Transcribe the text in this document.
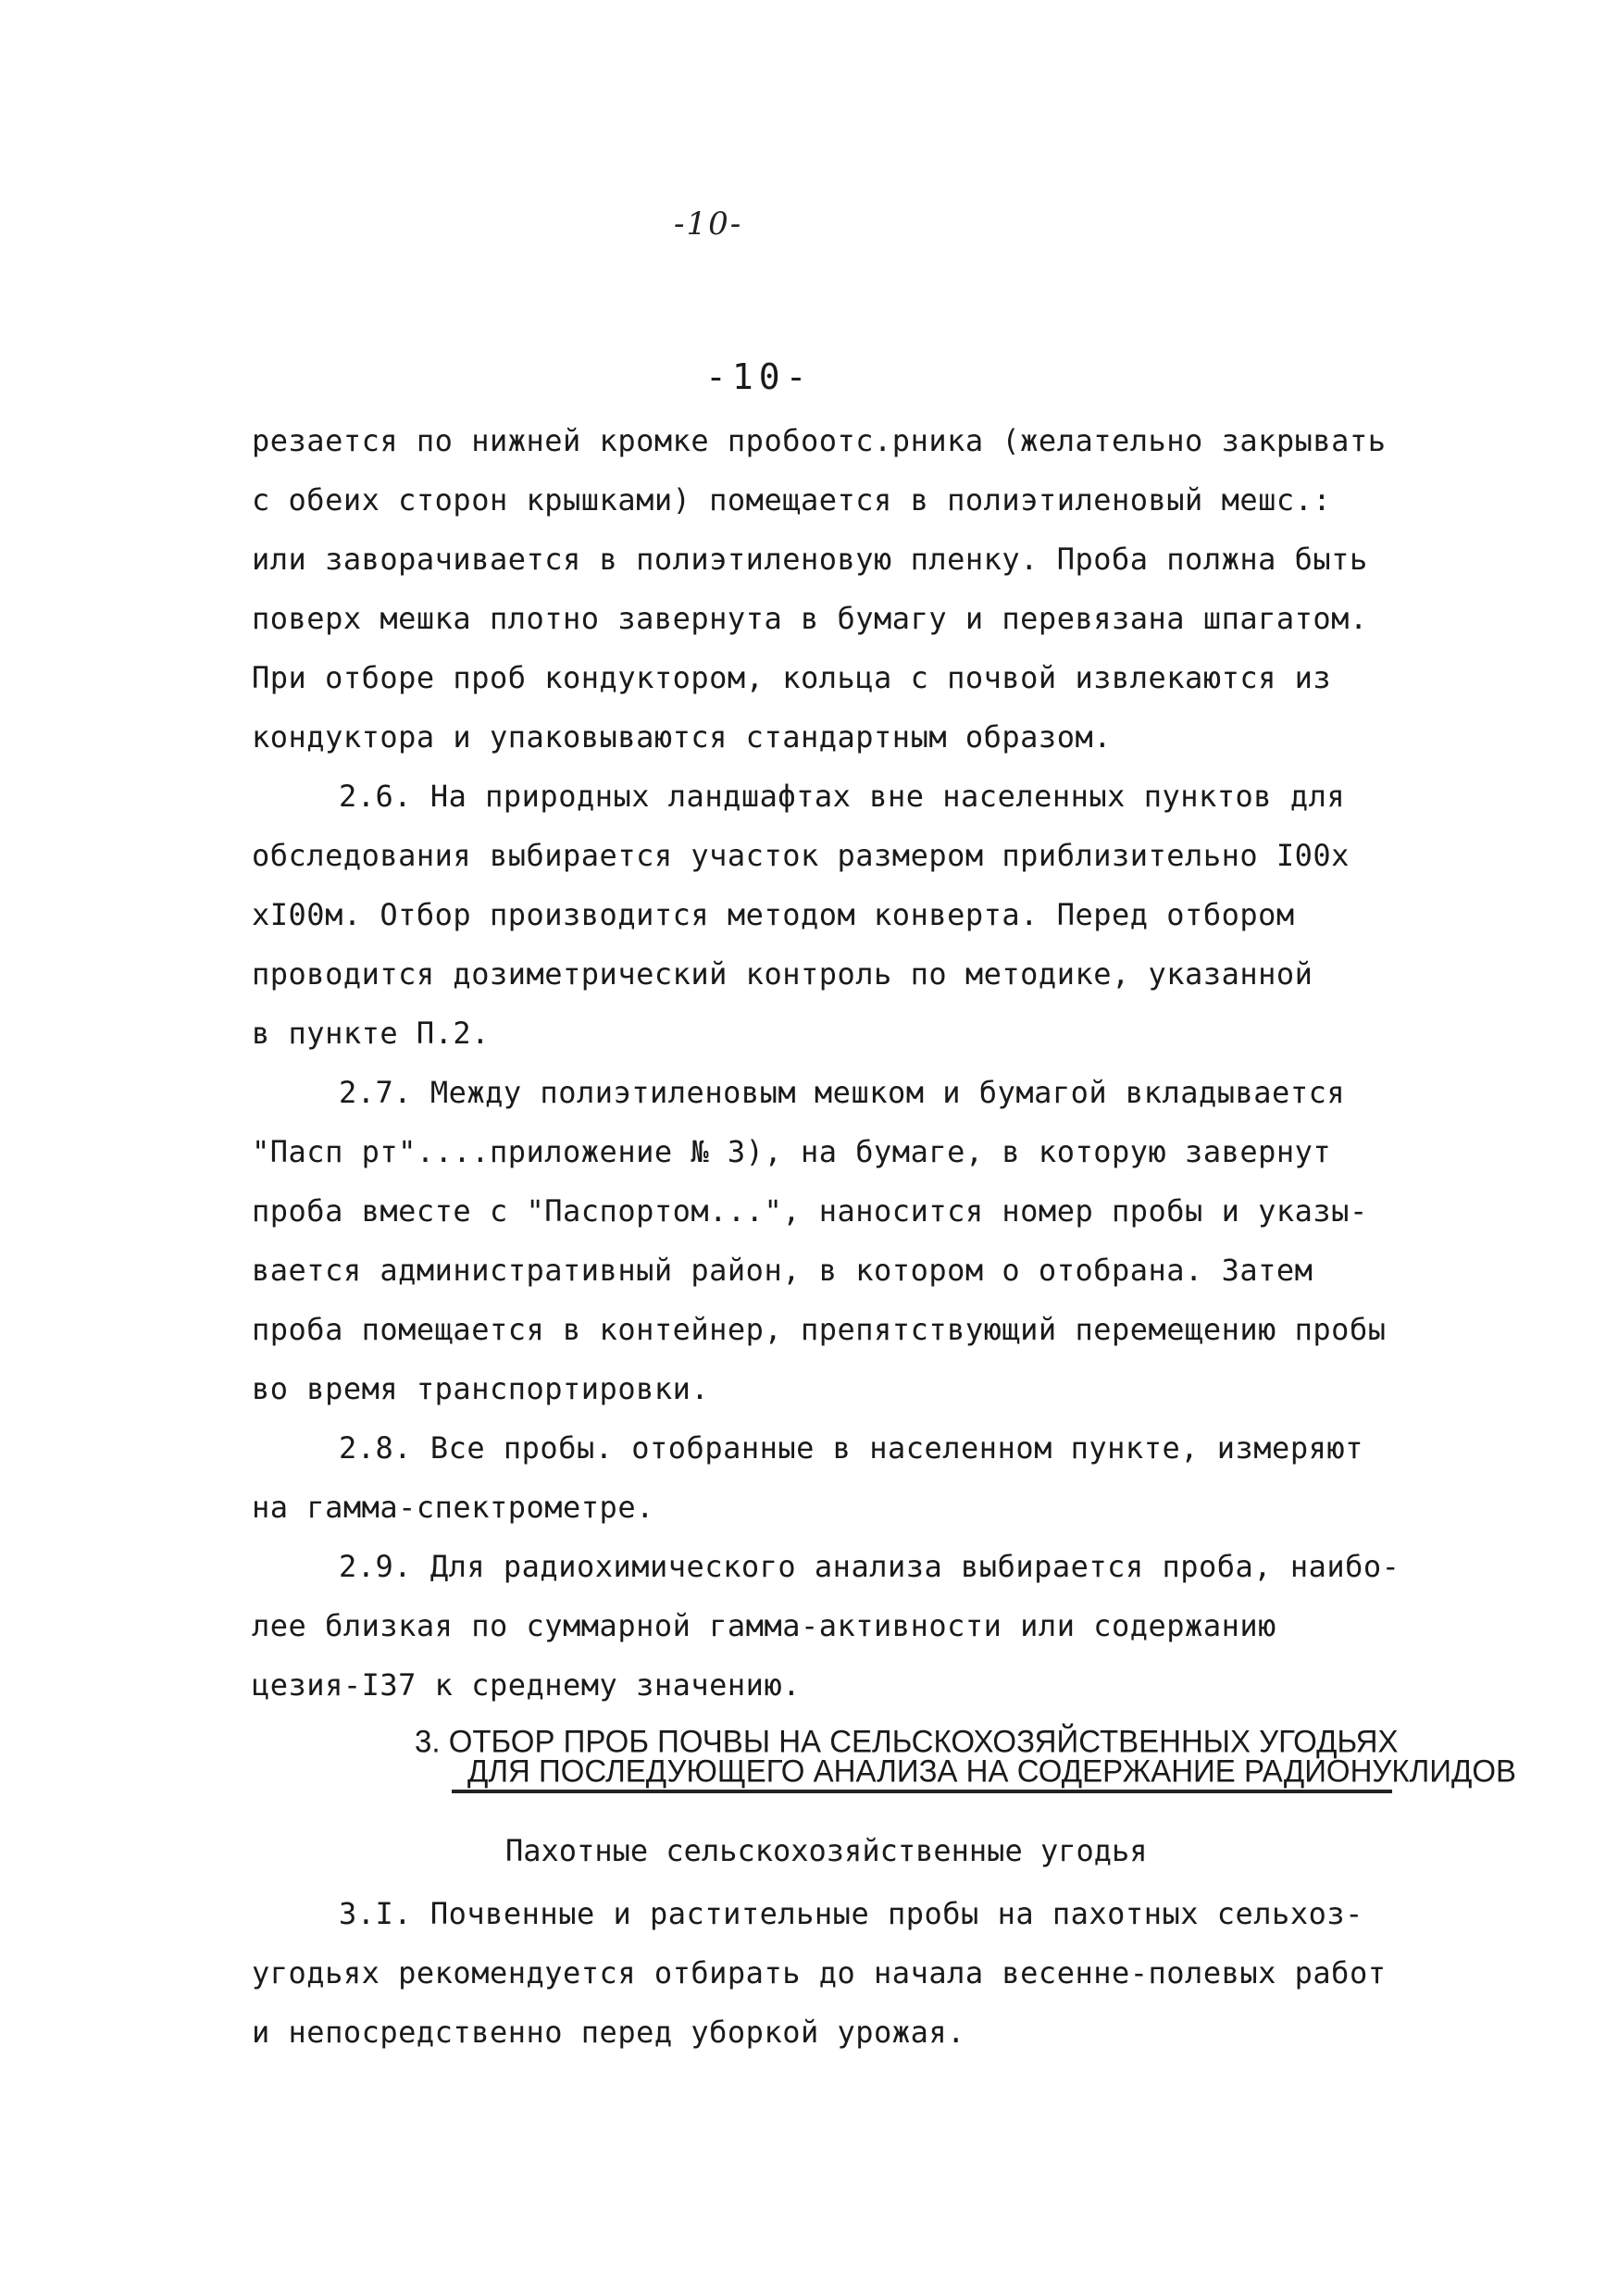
-10-
-10-
резается по нижней кромке пробоотс.рника (желательно закрывать
с обеих сторон крышками) помещается в полиэтиленовый мешс.:
или заворачивается в полиэтиленовую пленку. Проба полжна быть
поверх мешка плотно завернута в бумагу и перевязана шпагатом.
При отборе проб кондуктором, кольца с почвой извлекаются из
кондуктора и упаковываются стандартным образом.
2.6. На природных ландшафтах вне населенных пунктов для
обследования выбирается участок размером приблизительно I00х
хI00м. Отбор производится методом конверта. Перед отбором
проводится дозиметрический контроль по методике, указанной
в пункте П.2.
2.7. Между полиэтиленовым мешком и бумагой вкладывается
"Пасп рт"....приложение № 3), на бумаге, в которую завернут
проба вместе с "Паспортом...", наносится номер пробы и указы-
вается административный район, в котором о отобрана. Затем
проба помещается в контейнер, препятствующий перемещению пробы
во время транспортировки.
2.8. Все пробы. отобранные в населенном пункте, измеряют
на гамма-спектрометре.
2.9. Для радиохимического анализа выбирается проба, наибо-
лее близкая по суммарной гамма-активности или содержанию
цезия-I37 к среднему значению.
3. ОТБОР ПРОБ ПОЧВЫ НА СЕЛЬСКОХОЗЯЙСТВЕННЫХ УГОДЬЯХ
ДЛЯ ПОСЛЕДУЮЩЕГО АНАЛИЗА НА СОДЕРЖАНИЕ РАДИОНУКЛИДОВ
Пахотные сельскохозяйственные угодья
3.I. Почвенные и растительные пробы на пахотных сельхоз-
угодьях рекомендуется отбирать до начала весенне-полевых работ
и непосредственно перед уборкой урожая.
